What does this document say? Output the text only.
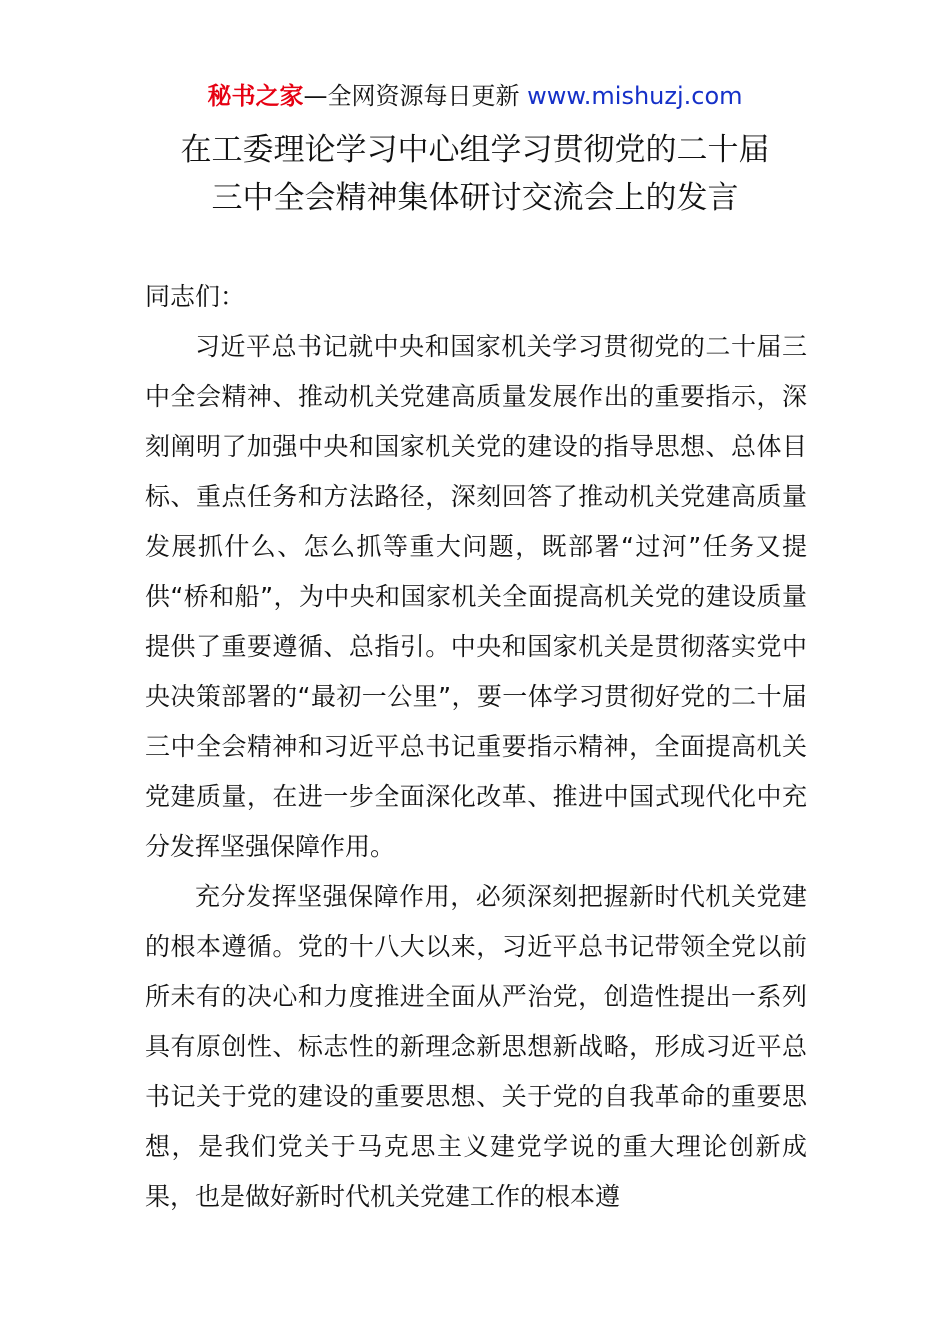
秘书之家—全网资源每日更新 www.mishuzj.com
在工委理论学习中心组学习贯彻党的二十届
三中全会精神集体研讨交流会上的发言

同志们：

习近平总书记就中央和国家机关学习贯彻党的二十届三中全会精神、推动机关党建高质量发展作出的重要指示，深刻阐明了加强中央和国家机关党的建设的指导思想、总体目标、重点任务和方法路径，深刻回答了推动机关党建高质量发展抓什么、怎么抓等重大问题，既部署“过河”任务又提供“桥和船”，为中央和国家机关全面提高机关党的建设质量提供了重要遵循、总指引。中央和国家机关是贯彻落实党中央决策部署的“最初一公里”，要一体学习贯彻好党的二十届三中全会精神和习近平总书记重要指示精神，全面提高机关党建质量，在进一步全面深化改革、推进中国式现代化中充分发挥坚强保障作用。

充分发挥坚强保障作用，必须深刻把握新时代机关党建的根本遵循。党的十八大以来，习近平总书记带领全党以前所未有的决心和力度推进全面从严治党，创造性提出一系列具有原创性、标志性的新理念新思想新战略，形成习近平总书记关于党的建设的重要思想、关于党的自我革命的重要思想，是我们党关于马克思主义建党学说的重大理论创新成果，也是做好新时代机关党建工作的根本遵
